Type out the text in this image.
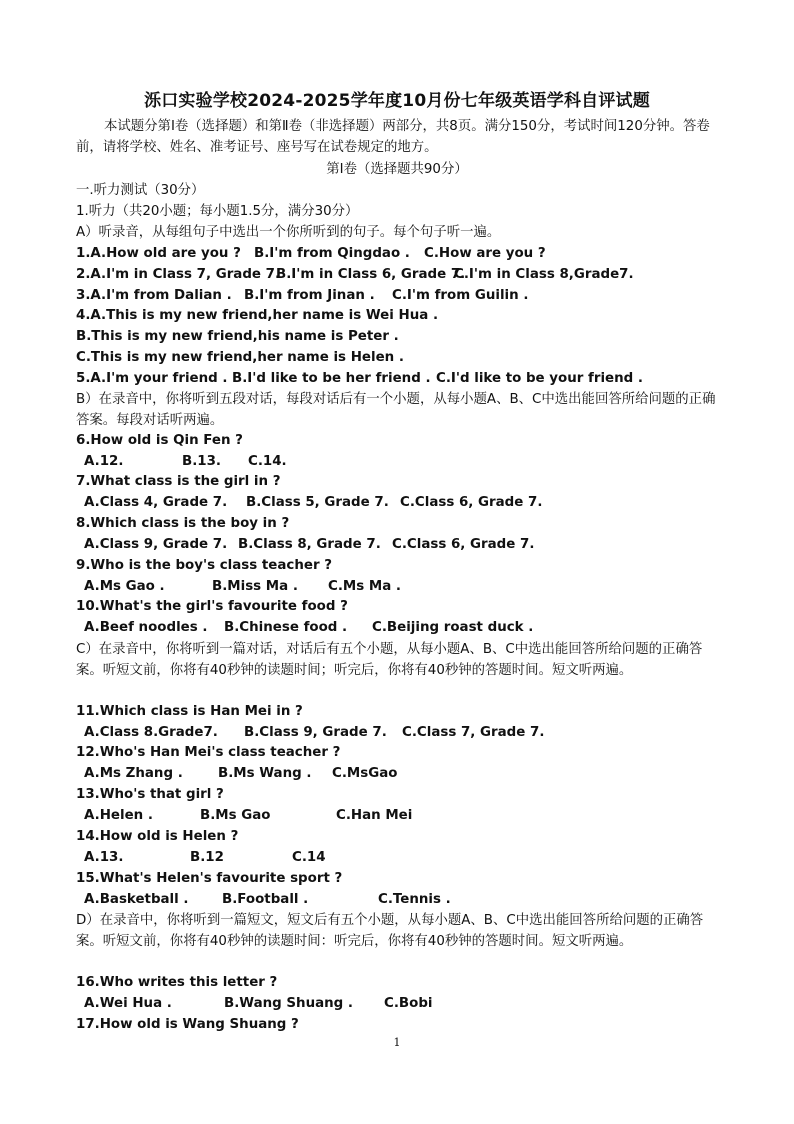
泺口实验学校2024-2025学年度10月份七年级英语学科自评试题
本试题分第Ⅰ卷（选择题）和第Ⅱ卷（非选择题）两部分，共8页。满分150分，考试时间120分钟。答卷前，请将学校、姓名、准考证号、座号写在试卷规定的地方。
第Ⅰ卷（选择题共90分）
一.听力测试（30分）
1.听力（共20小题；每小题1.5分，满分30分）
A）听录音，从每组句子中选出一个你所听到的句子。每个句子听一遍。
1.A.How old are you ? B.I'm from Qingdao . C.How are you ?
2.A.I'm in Class 7, Grade 7.B.I'm in Class 6, Grade 7.C.I'm in Class 8,Grade7.
3.A.I'm from Dalian . B.I'm from Jinan . C.I'm from Guilin .
4.A.This is my new friend,her name is Wei Hua .
B.This is my new friend,his name is Peter .
C.This is my new friend,her name is Helen .
5.A.I'm your friend . B.I'd like to be her friend . C.I'd like to be your friend .
B）在录音中，你将听到五段对话，每段对话后有一个小题，从每小题A、B、C中选出能回答所给问题的正确答案。每段对话听两遍。
6.How old is Qin Fen ?
A.12.	B.13. C.14.
7.What class is the girl in ?
A.Class 4, Grade 7. B.Class 5, Grade 7. C.Class 6, Grade 7.
8.Which class is the boy in ?
A.Class 9, Grade 7. B.Class 8, Grade 7. C.Class 6, Grade 7.
9.Who is the boy's class teacher ?
A.Ms Gao .	B.Miss Ma . C.Ms Ma .
10.What's the girl's favourite food ?
A.Beef noodles . B.Chinese food . C.Beijing roast duck .
C）在录音中，你将听到一篇对话，对话后有五个小题，从每小题A、B、C中选出能回答所给问题的正确答案。听短文前，你将有40秒钟的读题时间；听完后，你将有40秒钟的答题时间。短文听两遍。
11.Which class is Han Mei in ?
A.Class 8.Grade7. B.Class 9, Grade 7. C.Class 7, Grade 7.
12.Who's Han Mei's class teacher ?
A.Ms Zhang .	B.Ms Wang . C.MsGao
13.Who's that girl ?
A.Helen .	B.Ms Gao	C.Han Mei
14.How old is Helen ?
A.13.	B.12	C.14
15.What's Helen's favourite sport ?
A.Basketball .	B.Football .	C.Tennis .
D）在录音中，你将听到一篇短文，短文后有五个小题，从每小题A、B、C中选出能回答所给问题的正确答案。听短文前，你将有40秒钟的读题时间：听完后，你将有40秒钟的答题时间。短文听两遍。
16.Who writes this letter ?
A.Wei Hua .	B.Wang Shuang . C.Bobi
17.How old is Wang Shuang ?
1
